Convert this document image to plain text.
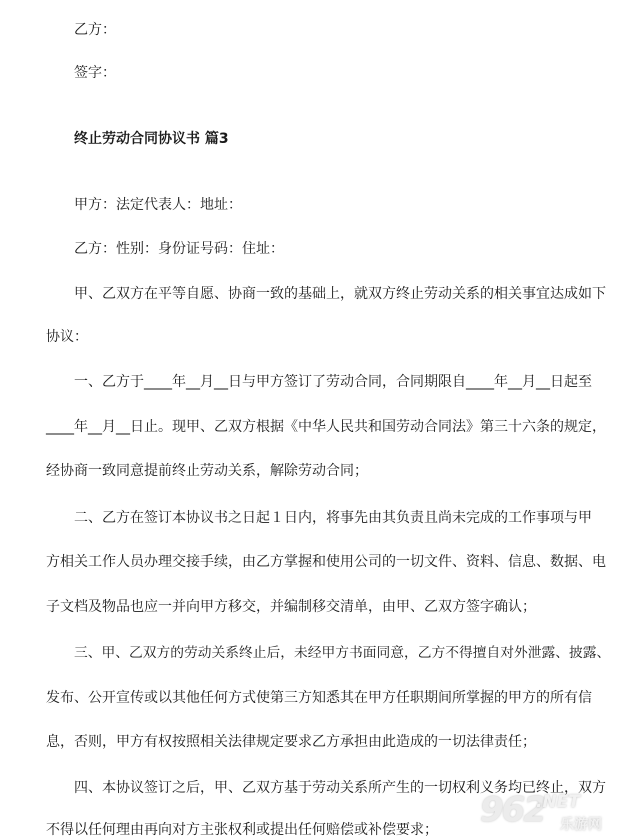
乙方：
签字：
终止劳动合同协议书 篇3
甲方：法定代表人：地址：
乙方：性别：身份证号码：住址：
甲、乙双方在平等自愿、协商一致的基础上，就双方终止劳动关系的相关事宜达成如下
协议：
一、乙方于____年__月__日与甲方签订了劳动合同，合同期限自____年__月__日起至
____年__月__日止。现甲、乙双方根据《中华人民共和国劳动合同法》第三十六条的规定，
经协商一致同意提前终止劳动关系，解除劳动合同；
二、乙方在签订本协议书之日起１日内，将事先由其负责且尚未完成的工作事项与甲
方相关工作人员办理交接手续，由乙方掌握和使用公司的一切文件、资料、信息、数据、电
子文档及物品也应一并向甲方移交，并编制移交清单，由甲、乙双方签字确认；
三、甲、乙双方的劳动关系终止后，未经甲方书面同意，乙方不得擅自对外泄露、披露、
发布、公开宣传或以其他任何方式使第三方知悉其在甲方任职期间所掌握的甲方的所有信
息，否则，甲方有权按照相关法律规定要求乙方承担由此造成的一切法律责任；
四、本协议签订之后，甲、乙双方基于劳动关系所产生的一切权利义务均已终止，双方
不得以任何理由再向对方主张权利或提出任何赔偿或补偿要求； 962
.NET
乐游网
